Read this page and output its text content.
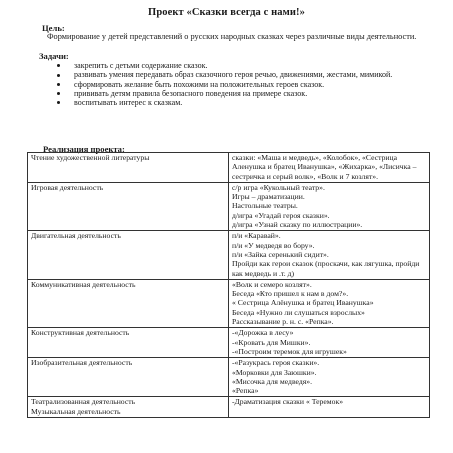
Проект «Сказки всегда с нами!»
Цель:
Формирование у детей представлений о русских народных сказках через различные виды деятельности.
Задачи:
закрепить с детьми содержание сказок.
развивать умения передавать образ сказочного героя речью, движениями, жестами, мимикой.
сформировать желание быть похожими на положительных героев сказок.
прививать детям правила безопасного поведения на примере сказок.
воспитывать интерес к сказкам.
Реализация проекта:
Чтение художественной литературы	сказки: «Маша и медведь», «Колобок», «Сестрица Аленушка и братец Иванушка», «Жихарка», «Лисичка – сестричка и серый волк», «Волк и 7 козлят».

Игровая деятельность	с/р игра «Кукольный театр».
Игры – драматизации.
Настольные театры.
д/игра «Угадай героя сказки».
д/игра «Узнай сказку по иллюстрации».

Двигательная деятельность	п/и «Каравай».
п/и «У медведя во бору».
п/и «Зайка серенький сидит».
Пройди как герои сказок (проскачи, как лягушка, пройди как медведь и .т. д)

Коммуникативная деятельность	«Волк и семеро козлят».
Беседа «Кто пришел к нам в дом?».
« Сестрица Алёнушка и братец Иванушка»
Беседа «Нужно ли слушаться взрослых»
Рассказывание р. н. с. «Репка».

Конструктивная деятельность	-«Дорожка в лесу»
-«Кровать для Мишки».
-«Построим теремок для игрушек»

Изобразительная деятельность	-«Разукрась героя сказки».
«Морковки для Заюшки».
«Мисочка для медведя».
«Репка»

Театрализованная деятельность
Музыкальная деятельность	-Драматизация сказки « Теремок»
